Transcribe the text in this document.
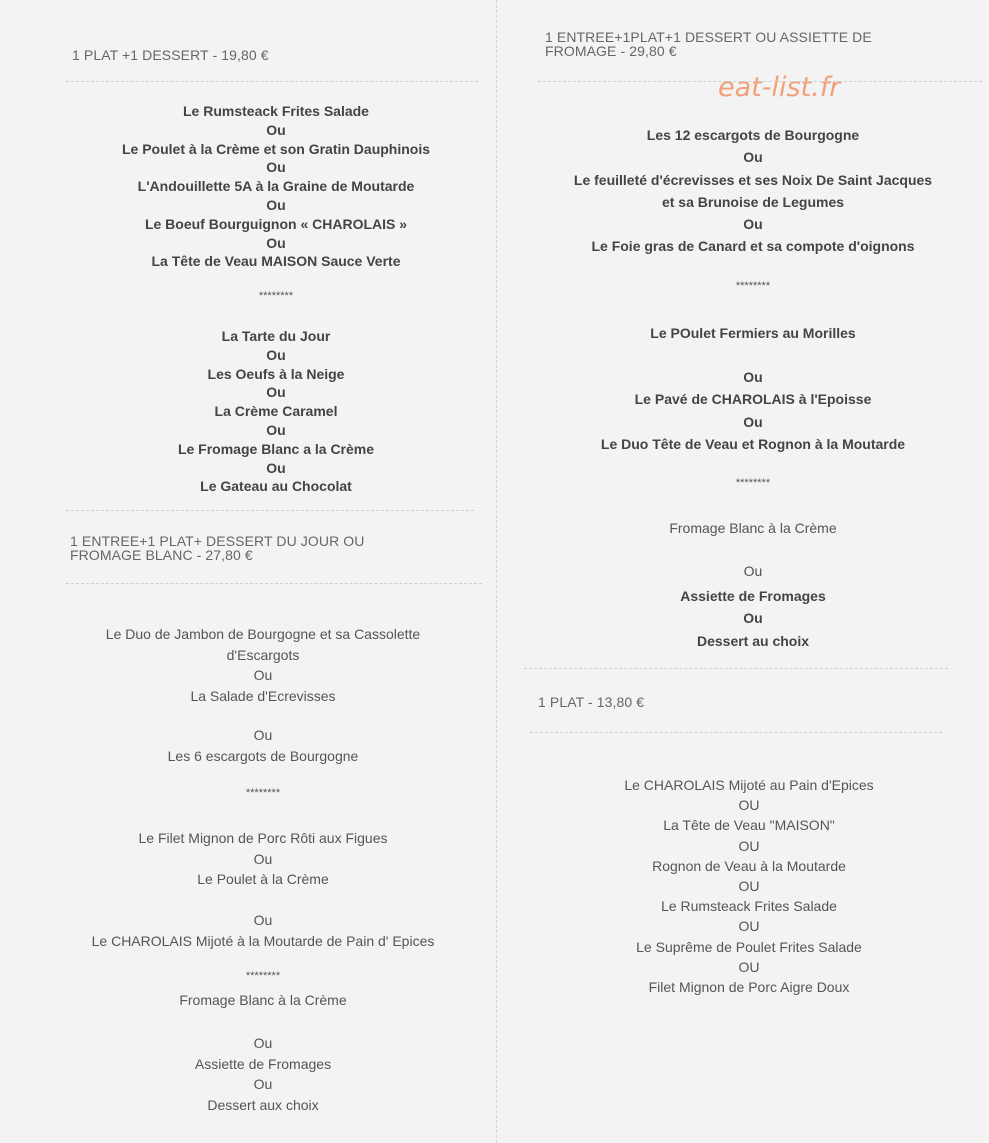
eat-list.fr
1 PLAT +1 DESSERT - 19,80 €
Le Rumsteack Frites Salade
Ou
Le Poulet à la Crème et son Gratin Dauphinois
Ou
L'Andouillette 5A à la Graine de Moutarde
Ou
Le Boeuf Bourguignon « CHAROLAIS »
Ou
La Tête de Veau MAISON Sauce Verte
********
La Tarte du Jour
Ou
Les Oeufs à la Neige
Ou
La Crème Caramel
Ou
Le Fromage Blanc a la Crème
Ou
Le Gateau au Chocolat
1 ENTREE+1 PLAT+ DESSERT DU JOUR OU
FROMAGE BLANC - 27,80 €
Le Duo de Jambon de Bourgogne et sa Cassolette
d'Escargots
Ou
La Salade d'Ecrevisses
Ou
Les 6 escargots de Bourgogne
********
Le Filet Mignon de Porc Rôti aux Figues
Ou
Le Poulet à la Crème
Ou
Le CHAROLAIS Mijoté à la Moutarde de Pain d' Epices
********
Fromage Blanc à la Crème
Ou
Assiette de Fromages
Ou
Dessert aux choix
1 ENTREE+1PLAT+1 DESSERT OU ASSIETTE DE
FROMAGE - 29,80 €
Les 12 escargots de Bourgogne
Ou
Le feuilleté d'écrevisses et ses Noix De Saint Jacques
et sa Brunoise de Legumes
Ou
Le Foie gras de Canard et sa compote d'oignons
********
Le POulet Fermiers au Morilles
Ou
Le Pavé de CHAROLAIS à l'Epoisse
Ou
Le Duo Tête de Veau et Rognon à la Moutarde
********
Fromage Blanc à la Crème
Ou
Assiette de Fromages
Ou
Dessert au choix
1 PLAT - 13,80 €
Le CHAROLAIS Mijoté au Pain d'Epices
OU
La Tête de Veau "MAISON"
OU
Rognon de Veau à la Moutarde
OU
Le Rumsteack Frites Salade
OU
Le Suprême de Poulet Frites Salade
OU
Filet Mignon de Porc Aigre Doux
